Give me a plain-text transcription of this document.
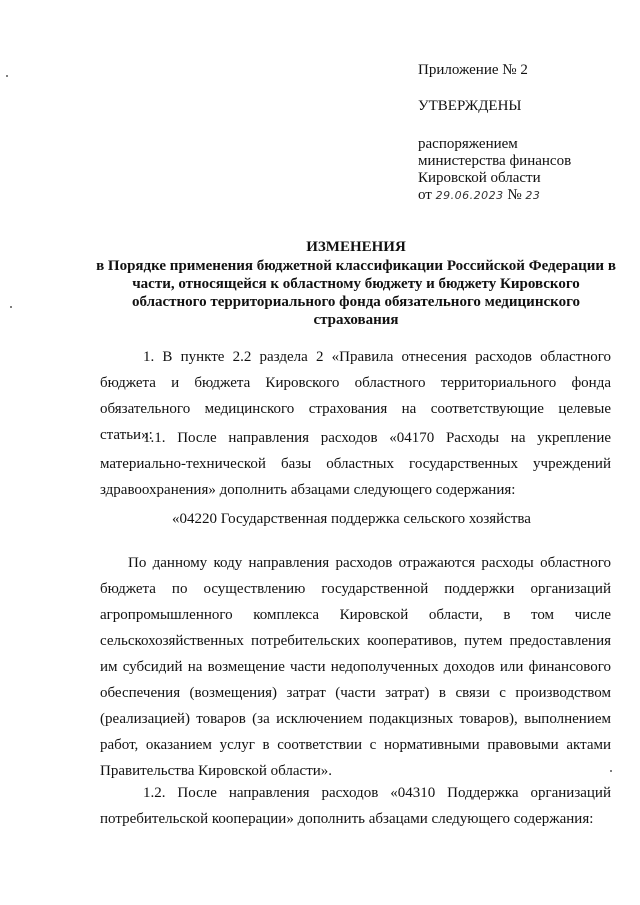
Приложение № 2
УТВЕРЖДЕНЫ
распоряжением
министерства финансов
Кировской области
от 29.06.2023 № 23
ИЗМЕНЕНИЯ
в Порядке применения бюджетной классификации Российской Федерации в части, относящейся к областному бюджету и бюджету Кировского областного территориального фонда обязательного медицинского страхования
1. В пункте 2.2 раздела 2 «Правила отнесения расходов областного бюджета и бюджета Кировского областного территориального фонда обязательного медицинского страхования на соответствующие целевые статьи»:
1.1. После направления расходов «04170 Расходы на укрепление материально-технической базы областных государственных учреждений здравоохранения» дополнить абзацами следующего содержания:
«04220 Государственная поддержка сельского хозяйства
По данному коду направления расходов отражаются расходы областного бюджета по осуществлению государственной поддержки организаций агропромышленного комплекса Кировской области, в том числе сельскохозяйственных потребительских кооперативов, путем предоставления им субсидий на возмещение части недополученных доходов или финансового обеспечения (возмещения) затрат (части затрат) в связи с производством (реализацией) товаров (за исключением подакцизных товаров), выполнением работ, оказанием услуг в соответствии с нормативными правовыми актами Правительства Кировской области».
1.2. После направления расходов «04310 Поддержка организаций потребительской кооперации» дополнить абзацами следующего содержания:
